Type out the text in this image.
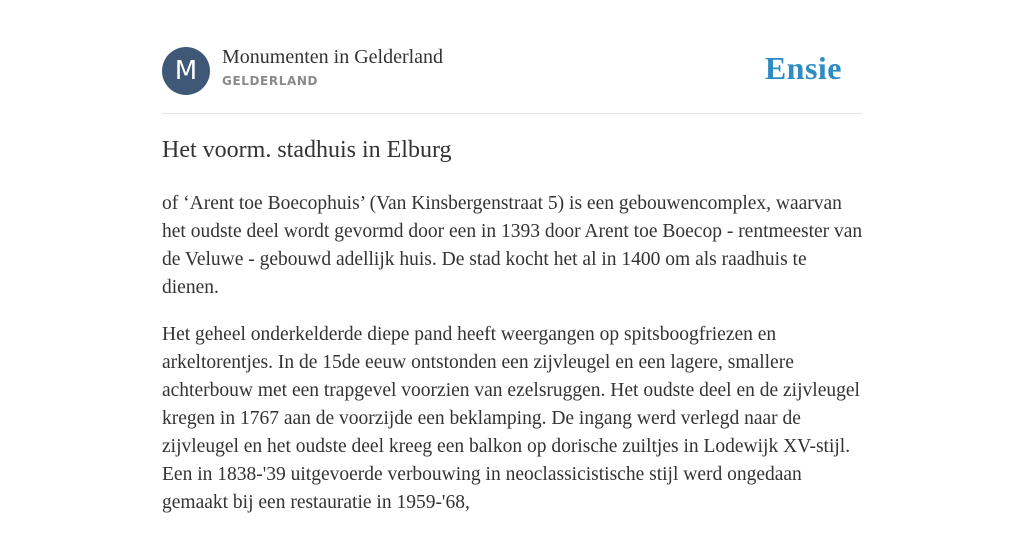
M	Monumenten in Gelderland
GELDERLAND	Ensie
Het voorm. stadhuis in Elburg

of ‘Arent toe Boecophuis’ (Van Kinsbergenstraat 5) is een gebouwencomplex, waarvan het oudste deel wordt gevormd door een in 1393 door Arent toe Boecop - rentmeester van de Veluwe - gebouwd adellijk huis. De stad kocht het al in 1400 om als raadhuis te dienen.

Het geheel onderkelderde diepe pand heeft weergangen op spitsboogfriezen en arkeltorentjes. In de 15de eeuw ontstonden een zijvleugel en een lagere, smallere achterbouw met een trapgevel voorzien van ezelsruggen. Het oudste deel en de zijvleugel kregen in 1767 aan de voorzijde een beklamping. De ingang werd verlegd naar de zijvleugel en het oudste deel kreeg een balkon op dorische zuiltjes in Lodewijk XV-stijl. Een in 1838-'39 uitgevoerde verbouwing in neoclassicistische stijl werd ongedaan gemaakt bij een restauratie in 1959-'68,
